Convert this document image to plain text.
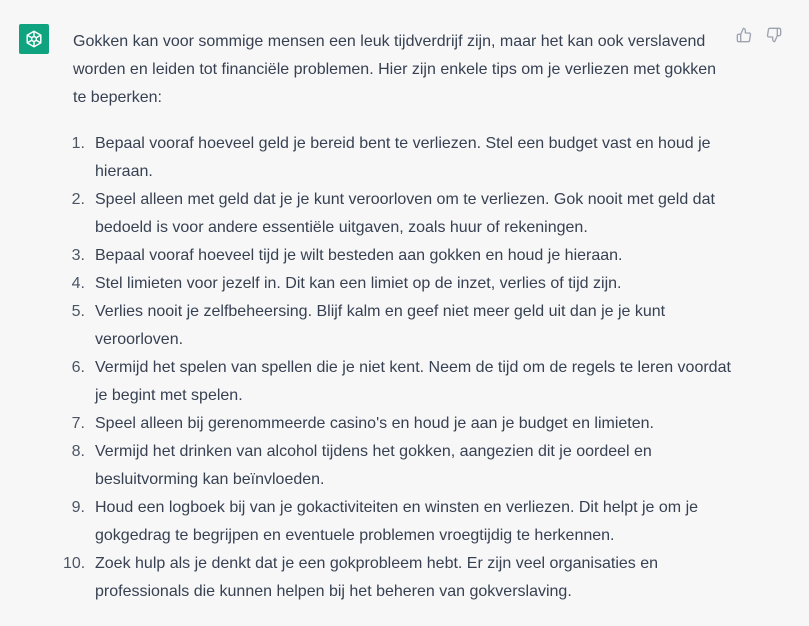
Gokken kan voor sommige mensen een leuk tijdverdrijf zijn, maar het kan ook verslavend worden en leiden tot financiële problemen. Hier zijn enkele tips om je verliezen met gokken te beperken:

1. Bepaal vooraf hoeveel geld je bereid bent te verliezen. Stel een budget vast en houd je hieraan.
2. Speel alleen met geld dat je je kunt veroorloven om te verliezen. Gok nooit met geld dat bedoeld is voor andere essentiële uitgaven, zoals huur of rekeningen.
3. Bepaal vooraf hoeveel tijd je wilt besteden aan gokken en houd je hieraan.
4. Stel limieten voor jezelf in. Dit kan een limiet op de inzet, verlies of tijd zijn.
5. Verlies nooit je zelfbeheersing. Blijf kalm en geef niet meer geld uit dan je je kunt veroorloven.
6. Vermijd het spelen van spellen die je niet kent. Neem de tijd om de regels te leren voordat je begint met spelen.
7. Speel alleen bij gerenommeerde casino's en houd je aan je budget en limieten.
8. Vermijd het drinken van alcohol tijdens het gokken, aangezien dit je oordeel en besluitvorming kan beïnvloeden.
9. Houd een logboek bij van je gokactiviteiten en winsten en verliezen. Dit helpt je om je gokgedrag te begrijpen en eventuele problemen vroegtijdig te herkennen.
10. Zoek hulp als je denkt dat je een gokprobleem hebt. Er zijn veel organisaties en professionals die kunnen helpen bij het beheren van gokverslaving.
